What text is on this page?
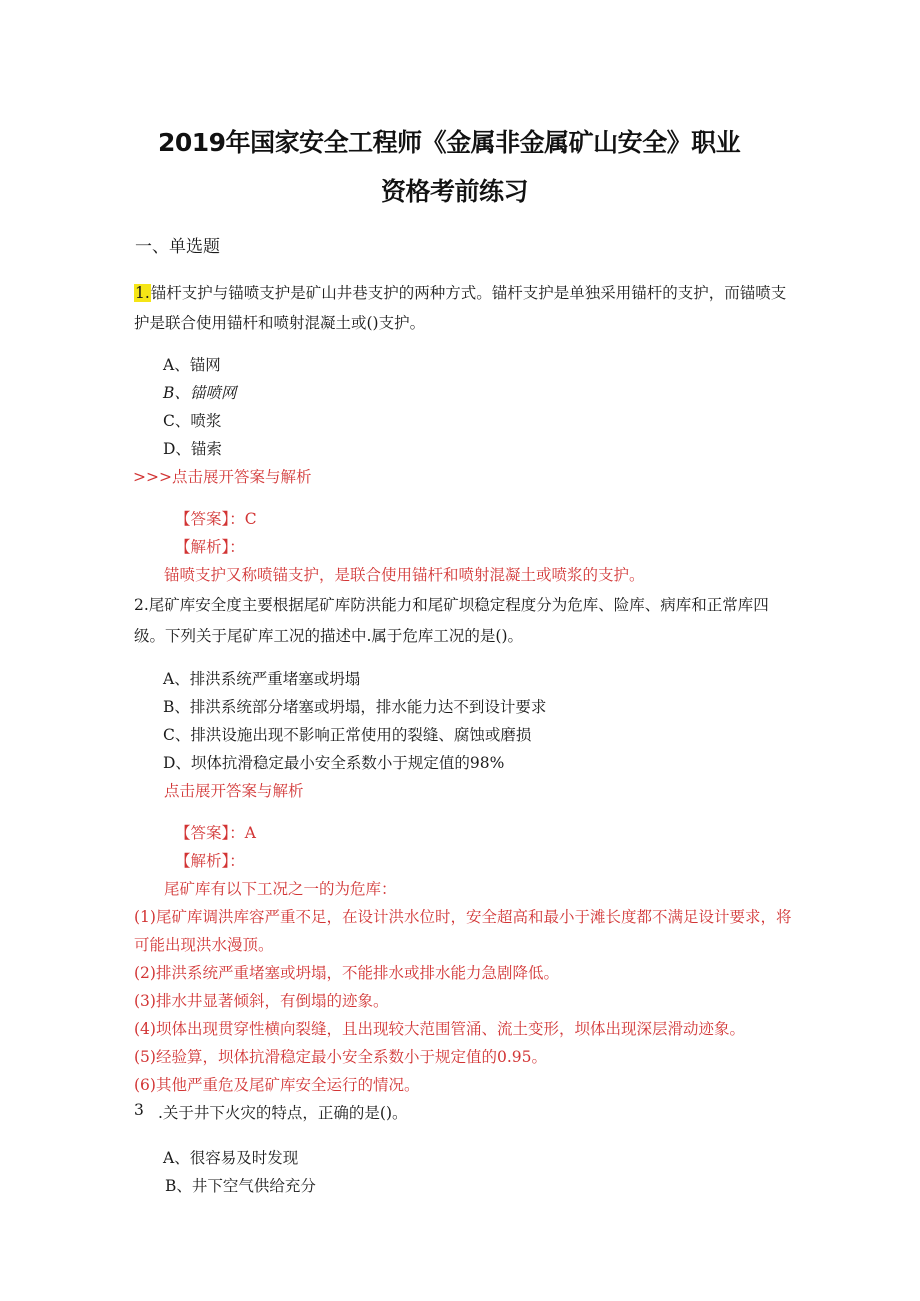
2019年国家安全工程师《金属非金属矿山安全》职业
资格考前练习
一、单选题
1.锚杆支护与锚喷支护是矿山井巷支护的两种方式。锚杆支护是单独采用锚杆的支护，而锚喷支
护是联合使用锚杆和喷射混凝土或()支护。
A、锚网
B、锚喷网
C、喷浆
D、锚索
>>>点击展开答案与解析
【答案】：C
【解析】：
锚喷支护又称喷锚支护，是联合使用锚杆和喷射混凝土或喷浆的支护。
2.尾矿库安全度主要根据尾矿库防洪能力和尾矿坝稳定程度分为危库、险库、病库和正常库四
级。下列关于尾矿库工况的描述中.属于危库工况的是()。
A、排洪系统严重堵塞或坍塌
B、排洪系统部分堵塞或坍塌，排水能力达不到设计要求
C、排洪设施出现不影响正常使用的裂缝、腐蚀或磨损
D、坝体抗滑稳定最小安全系数小于规定值的98%
点击展开答案与解析
【答案】：A
【解析】：
尾矿库有以下工况之一的为危库：
(1)尾矿库调洪库容严重不足，在设计洪水位时，安全超高和最小于滩长度都不满足设计要求，将
可能出现洪水漫顶。
(2)排洪系统严重堵塞或坍塌，不能排水或排水能力急剧降低。
(3)排水井显著倾斜，有倒塌的迹象。
(4)坝体出现贯穿性横向裂缝，且出现较大范围管涌、流土变形，坝体出现深层滑动迹象。
(5)经验算，坝体抗滑稳定最小安全系数小于规定值的0.95。
(6)其他严重危及尾矿库安全运行的情况。
3 .关于井下火灾的特点，正确的是()。
A、很容易及时发现
B、井下空气供给充分
